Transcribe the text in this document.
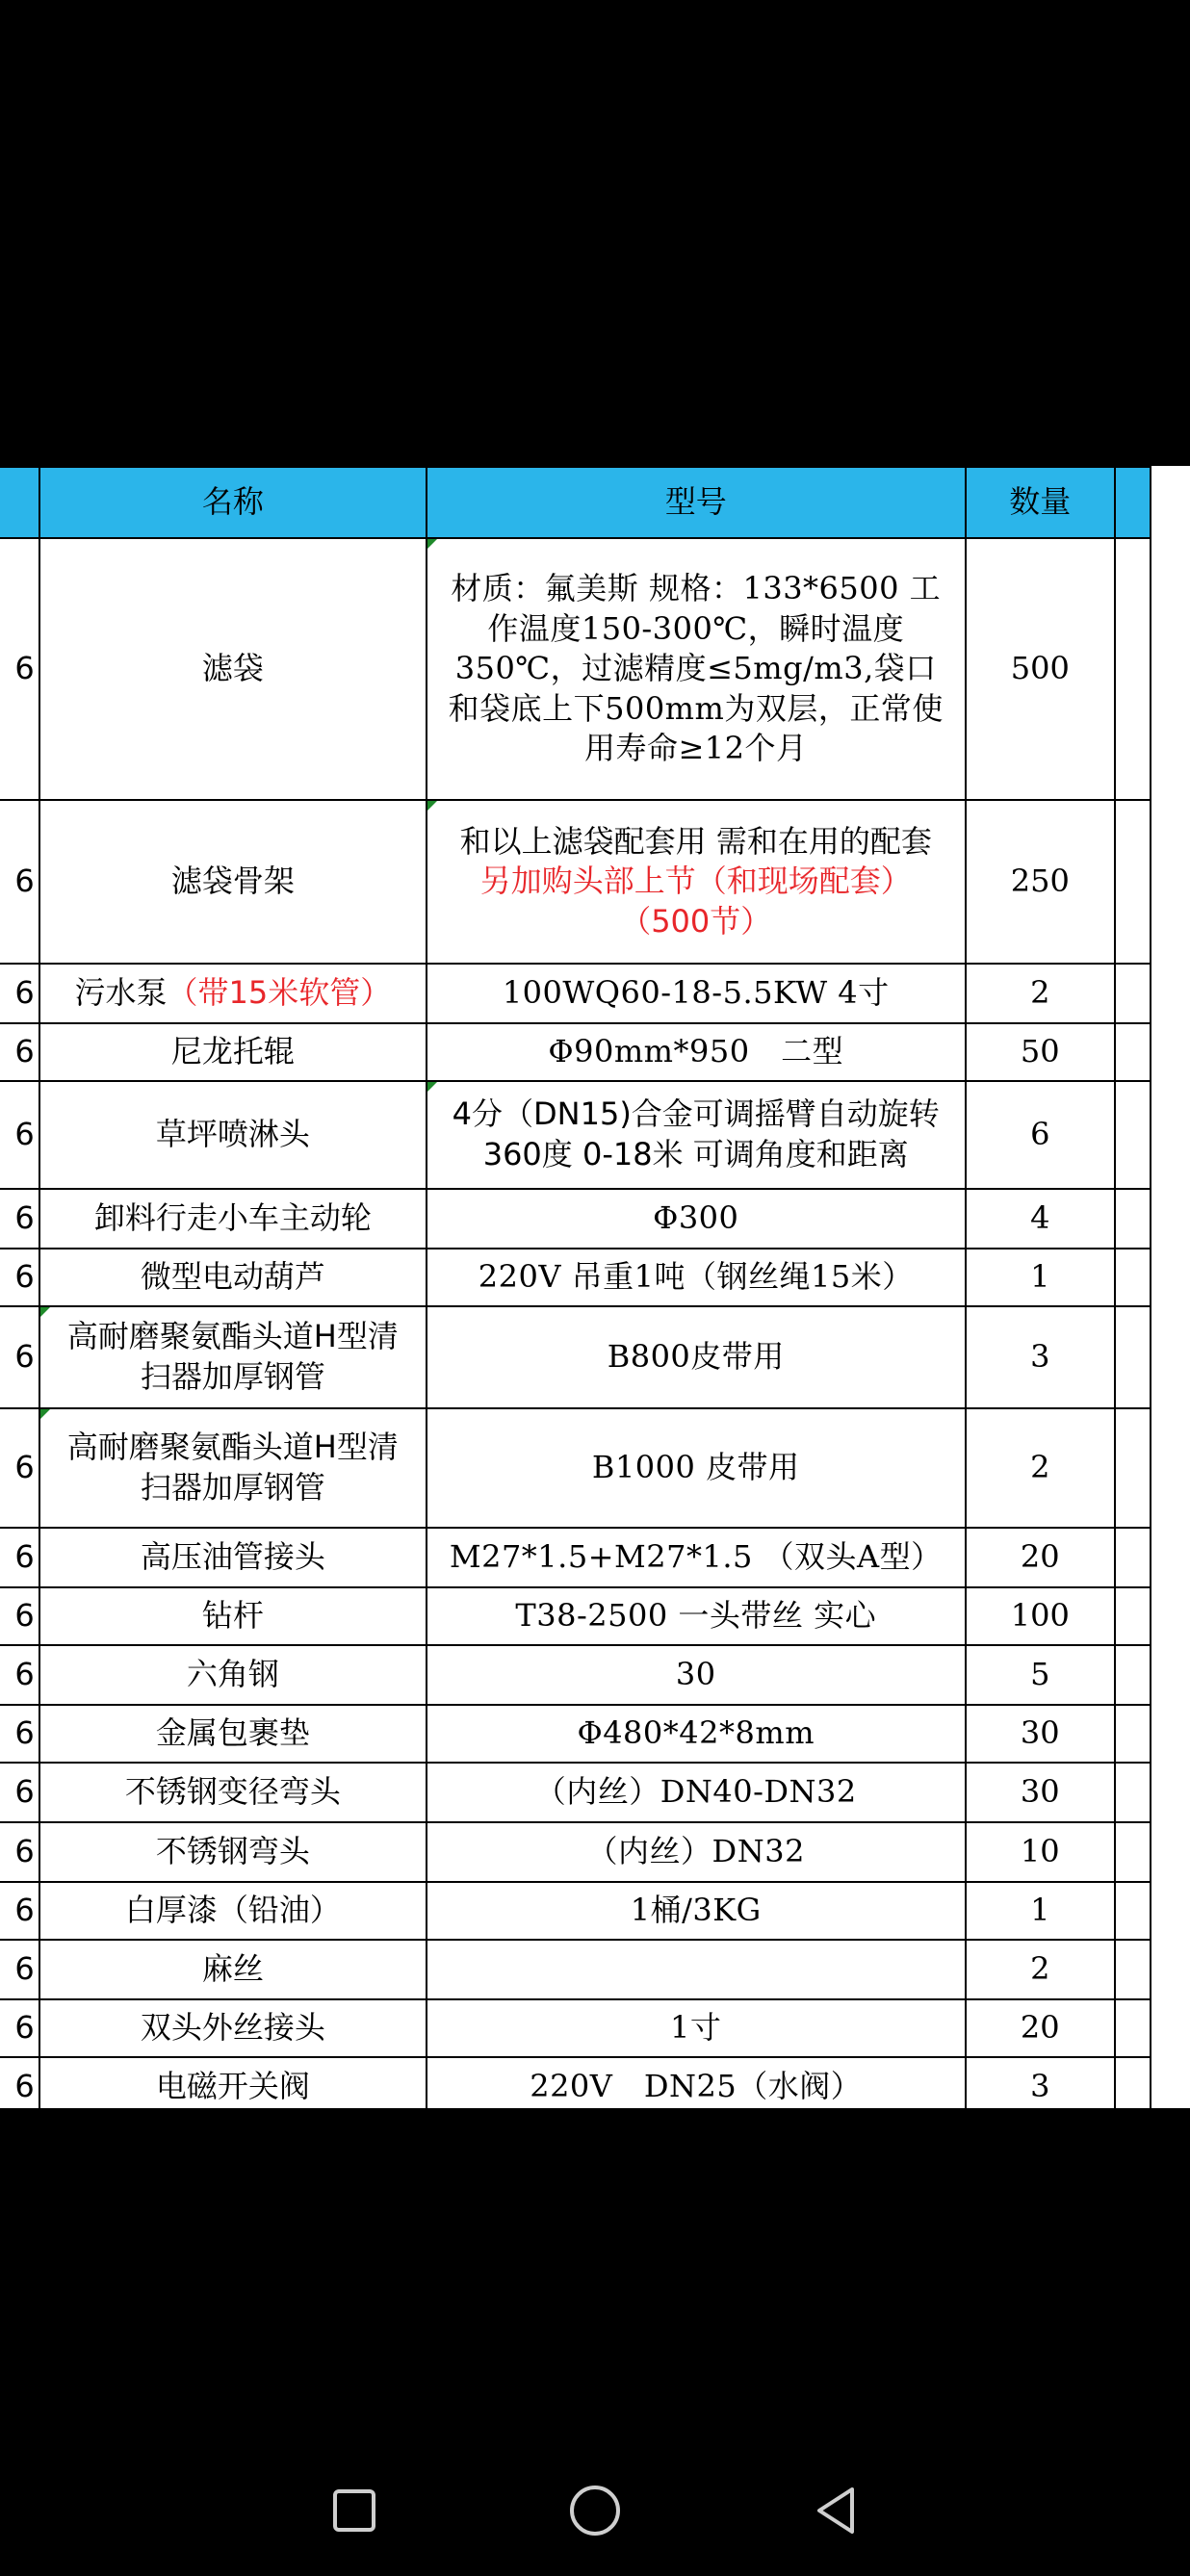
	名称	型号	数量	
6	滤袋	材质：氟美斯 规格：133*6500 工作温度150-300℃，瞬时温度350℃，过滤精度≤5mg/m3,袋口和袋底上下500mm为双层，正常使用寿命≥12个月	500	
6	滤袋骨架	和以上滤袋配套用 需和在用的配套 另加购头部上节（和现场配套）（500节）	250	
6	污水泵（带15米软管）	100WQ60-18-5.5KW 4寸	2	
6	尼龙托辊	Φ90mm*950　二型	50	
6	草坪喷淋头	4分（DN15)合金可调摇臂自动旋转360度 0-18米 可调角度和距离	6	
6	卸料行走小车主动轮	Φ300	4	
6	微型电动葫芦	220V 吊重1吨（钢丝绳15米）	1	
6	高耐磨聚氨酯头道H型清扫器加厚钢管	B800皮带用	3	
6	高耐磨聚氨酯头道H型清扫器加厚钢管	B1000 皮带用	2	
6	高压油管接头	M27*1.5+M27*1.5 （双头A型）	20	
6	钻杆	T38-2500 一头带丝 实心	100	
6	六角钢	30	5	
6	金属包裹垫	Φ480*42*8mm	30	
6	不锈钢变径弯头	（内丝）DN40-DN32	30	
6	不锈钢弯头	（内丝）DN32	10	
6	白厚漆（铅油）	1桶/3KG	1	
6	麻丝		2	
6	双头外丝接头	1寸	20	
6	电磁开关阀	220V　DN25（水阀）	3	
